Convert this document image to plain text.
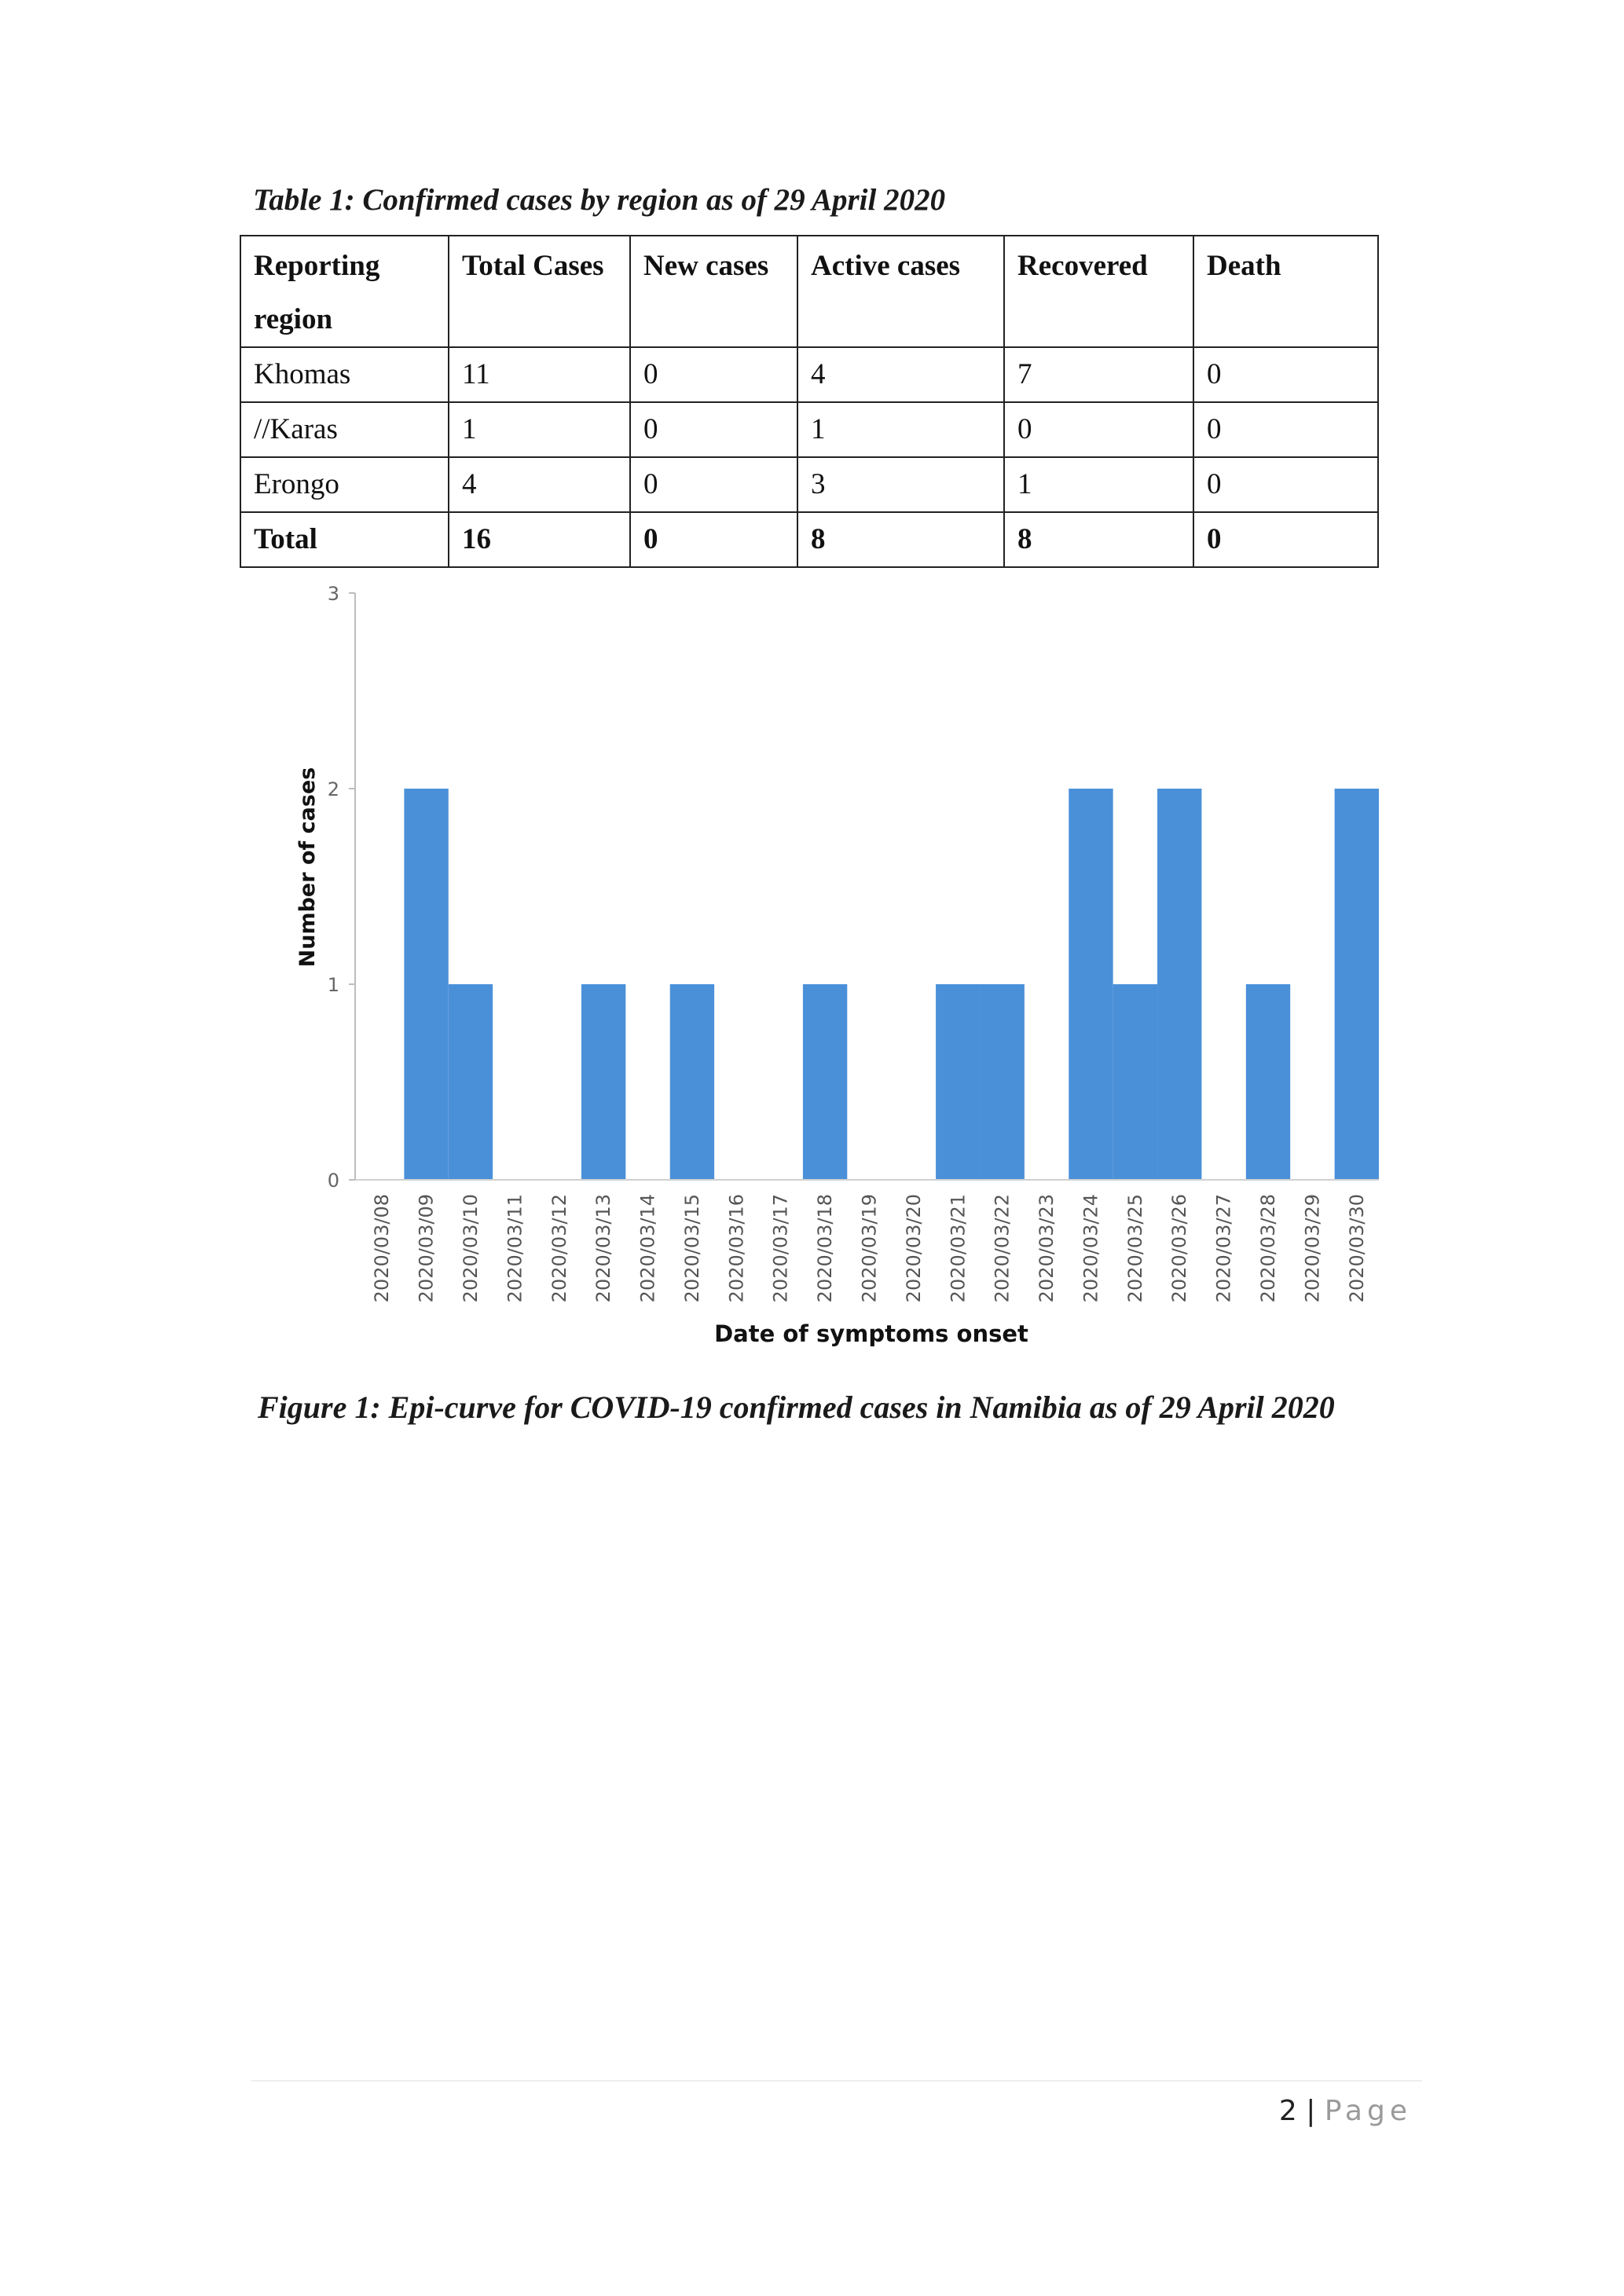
Table 1: Confirmed cases by region as of 29 April 2020
Reporting region	Total Cases	New cases	Active cases	Recovered	Death
Khomas	11	0	4	7	0
//Karas	1	0	1	0	0
Erongo	4	0	3	1	0
Total	16	0	8	8	0
0
1
2
3
2020/03/08 2020/03/09 2020/03/10 2020/03/11 2020/03/12 2020/03/13 2020/03/14 2020/03/15 2020/03/16 2020/03/17 2020/03/18 2020/03/19 2020/03/20 2020/03/21 2020/03/22 2020/03/23 2020/03/24 2020/03/25 2020/03/26 2020/03/27 2020/03/28 2020/03/29 2020/03/30
Number of cases
Date of symptoms onset
Figure 1: Epi-curve for COVID-19 confirmed cases in Namibia as of 29 April 2020
2 | Page
